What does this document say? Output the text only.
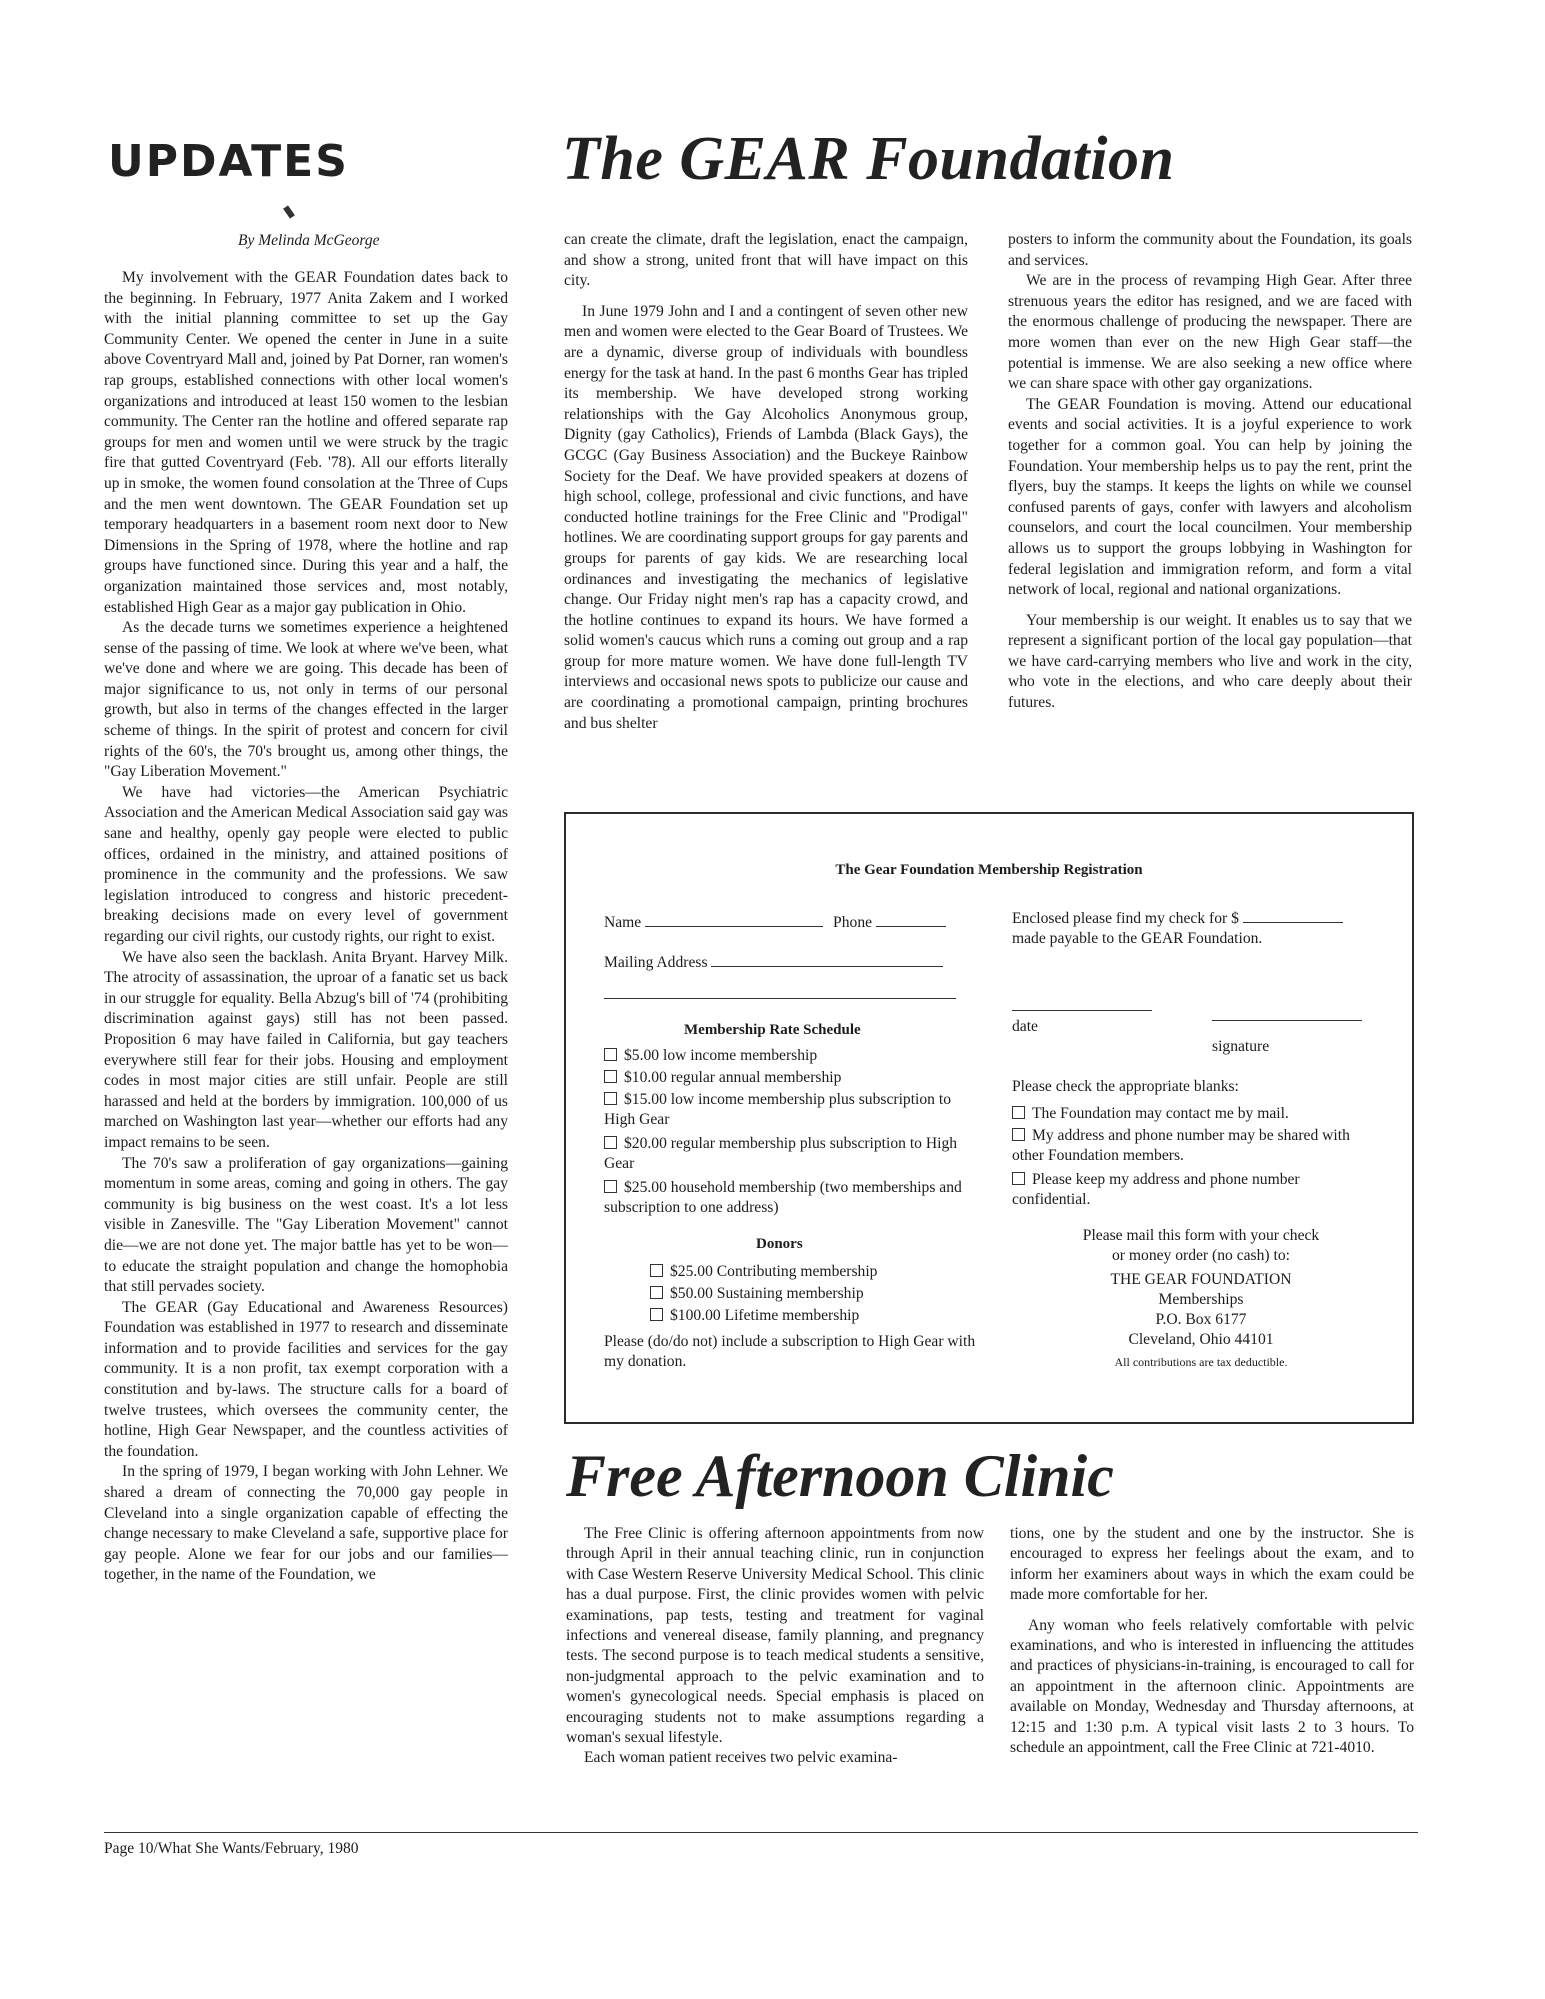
UPDATES	The GEAR Foundation

By Melinda McGeorge

My involvement with the GEAR Foundation dates back to the beginning. In February, 1977 Anita Zakem and I worked with the initial planning committee to set up the Gay Community Center. We opened the center in June in a suite above Coventryard Mall and, joined by Pat Dorner, ran women's rap groups, established connections with other local women's organizations and introduced at least 150 women to the lesbian community. The Center ran the hotline and offered separate rap groups for men and women until we were struck by the tragic fire that gutted Coventryard (Feb. '78). All our efforts literally up in smoke, the women found consolation at the Three of Cups and the men went downtown. The GEAR Foundation set up temporary headquarters in a basement room next door to New Dimensions in the Spring of 1978, where the hotline and rap groups have functioned since. During this year and a half, the organization maintained those services and, most notably, established High Gear as a major gay publication in Ohio.

As the decade turns we sometimes experience a heightened sense of the passing of time. We look at where we've been, what we've done and where we are going. This decade has been of major significance to us, not only in terms of our personal growth, but also in terms of the changes effected in the larger scheme of things. In the spirit of protest and concern for civil rights of the 60's, the 70's brought us, among other things, the "Gay Liberation Movement."

We have had victories—the American Psychiatric Association and the American Medical Association said gay was sane and healthy, openly gay people were elected to public offices, ordained in the ministry, and attained positions of prominence in the community and the professions. We saw legislation introduced to congress and historic precedent-breaking decisions made on every level of government regarding our civil rights, our custody rights, our right to exist.

We have also seen the backlash. Anita Bryant. Harvey Milk. The atrocity of assassination, the uproar of a fanatic set us back in our struggle for equality. Bella Abzug's bill of '74 (prohibiting discrimination against gays) still has not been passed. Proposition 6 may have failed in California, but gay teachers everywhere still fear for their jobs. Housing and employment codes in most major cities are still unfair. People are still harassed and held at the borders by immigration. 100,000 of us marched on Washington last year—whether our efforts had any impact remains to be seen.

The 70's saw a proliferation of gay organizations—gaining momentum in some areas, coming and going in others. The gay community is big business on the west coast. It's a lot less visible in Zanesville. The "Gay Liberation Movement" cannot die—we are not done yet. The major battle has yet to be won—to educate the straight population and change the homophobia that still pervades society.

The GEAR (Gay Educational and Awareness Resources) Foundation was established in 1977 to research and disseminate information and to provide facilities and services for the gay community. It is a non profit, tax exempt corporation with a constitution and by-laws. The structure calls for a board of twelve trustees, which oversees the community center, the hotline, High Gear Newspaper, and the countless activities of the foundation.

In the spring of 1979, I began working with John Lehner. We shared a dream of connecting the 70,000 gay people in Cleveland into a single organization capable of effecting the change necessary to make Cleveland a safe, supportive place for gay people. Alone we fear for our jobs and our families—together, in the name of the Foundation, we

can create the climate, draft the legislation, enact the campaign, and show a strong, united front that will have impact on this city.

In June 1979 John and I and a contingent of seven other new men and women were elected to the Gear Board of Trustees. We are a dynamic, diverse group of individuals with boundless energy for the task at hand. In the past 6 months Gear has tripled its membership. We have developed strong working relationships with the Gay Alcoholics Anonymous group, Dignity (gay Catholics), Friends of Lambda (Black Gays), the GCGC (Gay Business Association) and the Buckeye Rainbow Society for the Deaf. We have provided speakers at dozens of high school, college, professional and civic functions, and have conducted hotline trainings for the Free Clinic and "Prodigal" hotlines. We are coordinating support groups for gay parents and groups for parents of gay kids. We are researching local ordinances and investigating the mechanics of legislative change. Our Friday night men's rap has a capacity crowd, and the hotline continues to expand its hours. We have formed a solid women's caucus which runs a coming out group and a rap group for more mature women. We have done full-length TV interviews and occasional news spots to publicize our cause and are coordinating a promotional campaign, printing brochures and bus shelter

posters to inform the community about the Foundation, its goals and services.

We are in the process of revamping High Gear. After three strenuous years the editor has resigned, and we are faced with the enormous challenge of producing the newspaper. There are more women than ever on the new High Gear staff—the potential is immense. We are also seeking a new office where we can share space with other gay organizations.

The GEAR Foundation is moving. Attend our educational events and social activities. It is a joyful experience to work together for a common goal. You can help by joining the Foundation. Your membership helps us to pay the rent, print the flyers, buy the stamps. It keeps the lights on while we counsel confused parents of gays, confer with lawyers and alcoholism counselors, and court the local councilmen. Your membership allows us to support the groups lobbying in Washington for federal legislation and immigration reform, and form a vital network of local, regional and national organizations.

Your membership is our weight. It enables us to say that we represent a significant portion of the local gay population—that we have card-carrying members who live and work in the city, who vote in the elections, and who care deeply about their futures.

The Gear Foundation Membership Registration
Name	Phone
Mailing Address
Membership Rate Schedule
$5.00 low income membership
$10.00 regular annual membership
$15.00 low income membership plus subscription to High Gear
$20.00 regular membership plus subscription to High Gear
$25.00 household membership (two memberships and subscription to one address)
Donors
$25.00 Contributing membership
$50.00 Sustaining membership
$100.00 Lifetime membership
Please (do/do not) include a subscription to High Gear with my donation.
Enclosed please find my check for $
made payable to the GEAR Foundation.
date
signature
Please check the appropriate blanks:
The Foundation may contact me by mail.
My address and phone number may be shared with other Foundation members.
Please keep my address and phone number confidential.
Please mail this form with your check
or money order (no cash) to:
THE GEAR FOUNDATION
Memberships
P.O. Box 6177
Cleveland, Ohio 44101
All contributions are tax deductible.
Free Afternoon Clinic

The Free Clinic is offering afternoon appointments from now through April in their annual teaching clinic, run in conjunction with Case Western Reserve University Medical School. This clinic has a dual purpose. First, the clinic provides women with pelvic examinations, pap tests, testing and treatment for vaginal infections and venereal disease, family planning, and pregnancy tests. The second purpose is to teach medical students a sensitive, non-judgmental approach to the pelvic examination and to women's gynecological needs. Special emphasis is placed on encouraging students not to make assumptions regarding a woman's sexual lifestyle.

Each woman patient receives two pelvic examina-

tions, one by the student and one by the instructor. She is encouraged to express her feelings about the exam, and to inform her examiners about ways in which the exam could be made more comfortable for her.

Any woman who feels relatively comfortable with pelvic examinations, and who is interested in influencing the attitudes and practices of physicians-in-training, is encouraged to call for an appointment in the afternoon clinic. Appointments are available on Monday, Wednesday and Thursday afternoons, at 12:15 and 1:30 p.m. A typical visit lasts 2 to 3 hours. To schedule an appointment, call the Free Clinic at 721-4010.

Page 10/What She Wants/February, 1980
